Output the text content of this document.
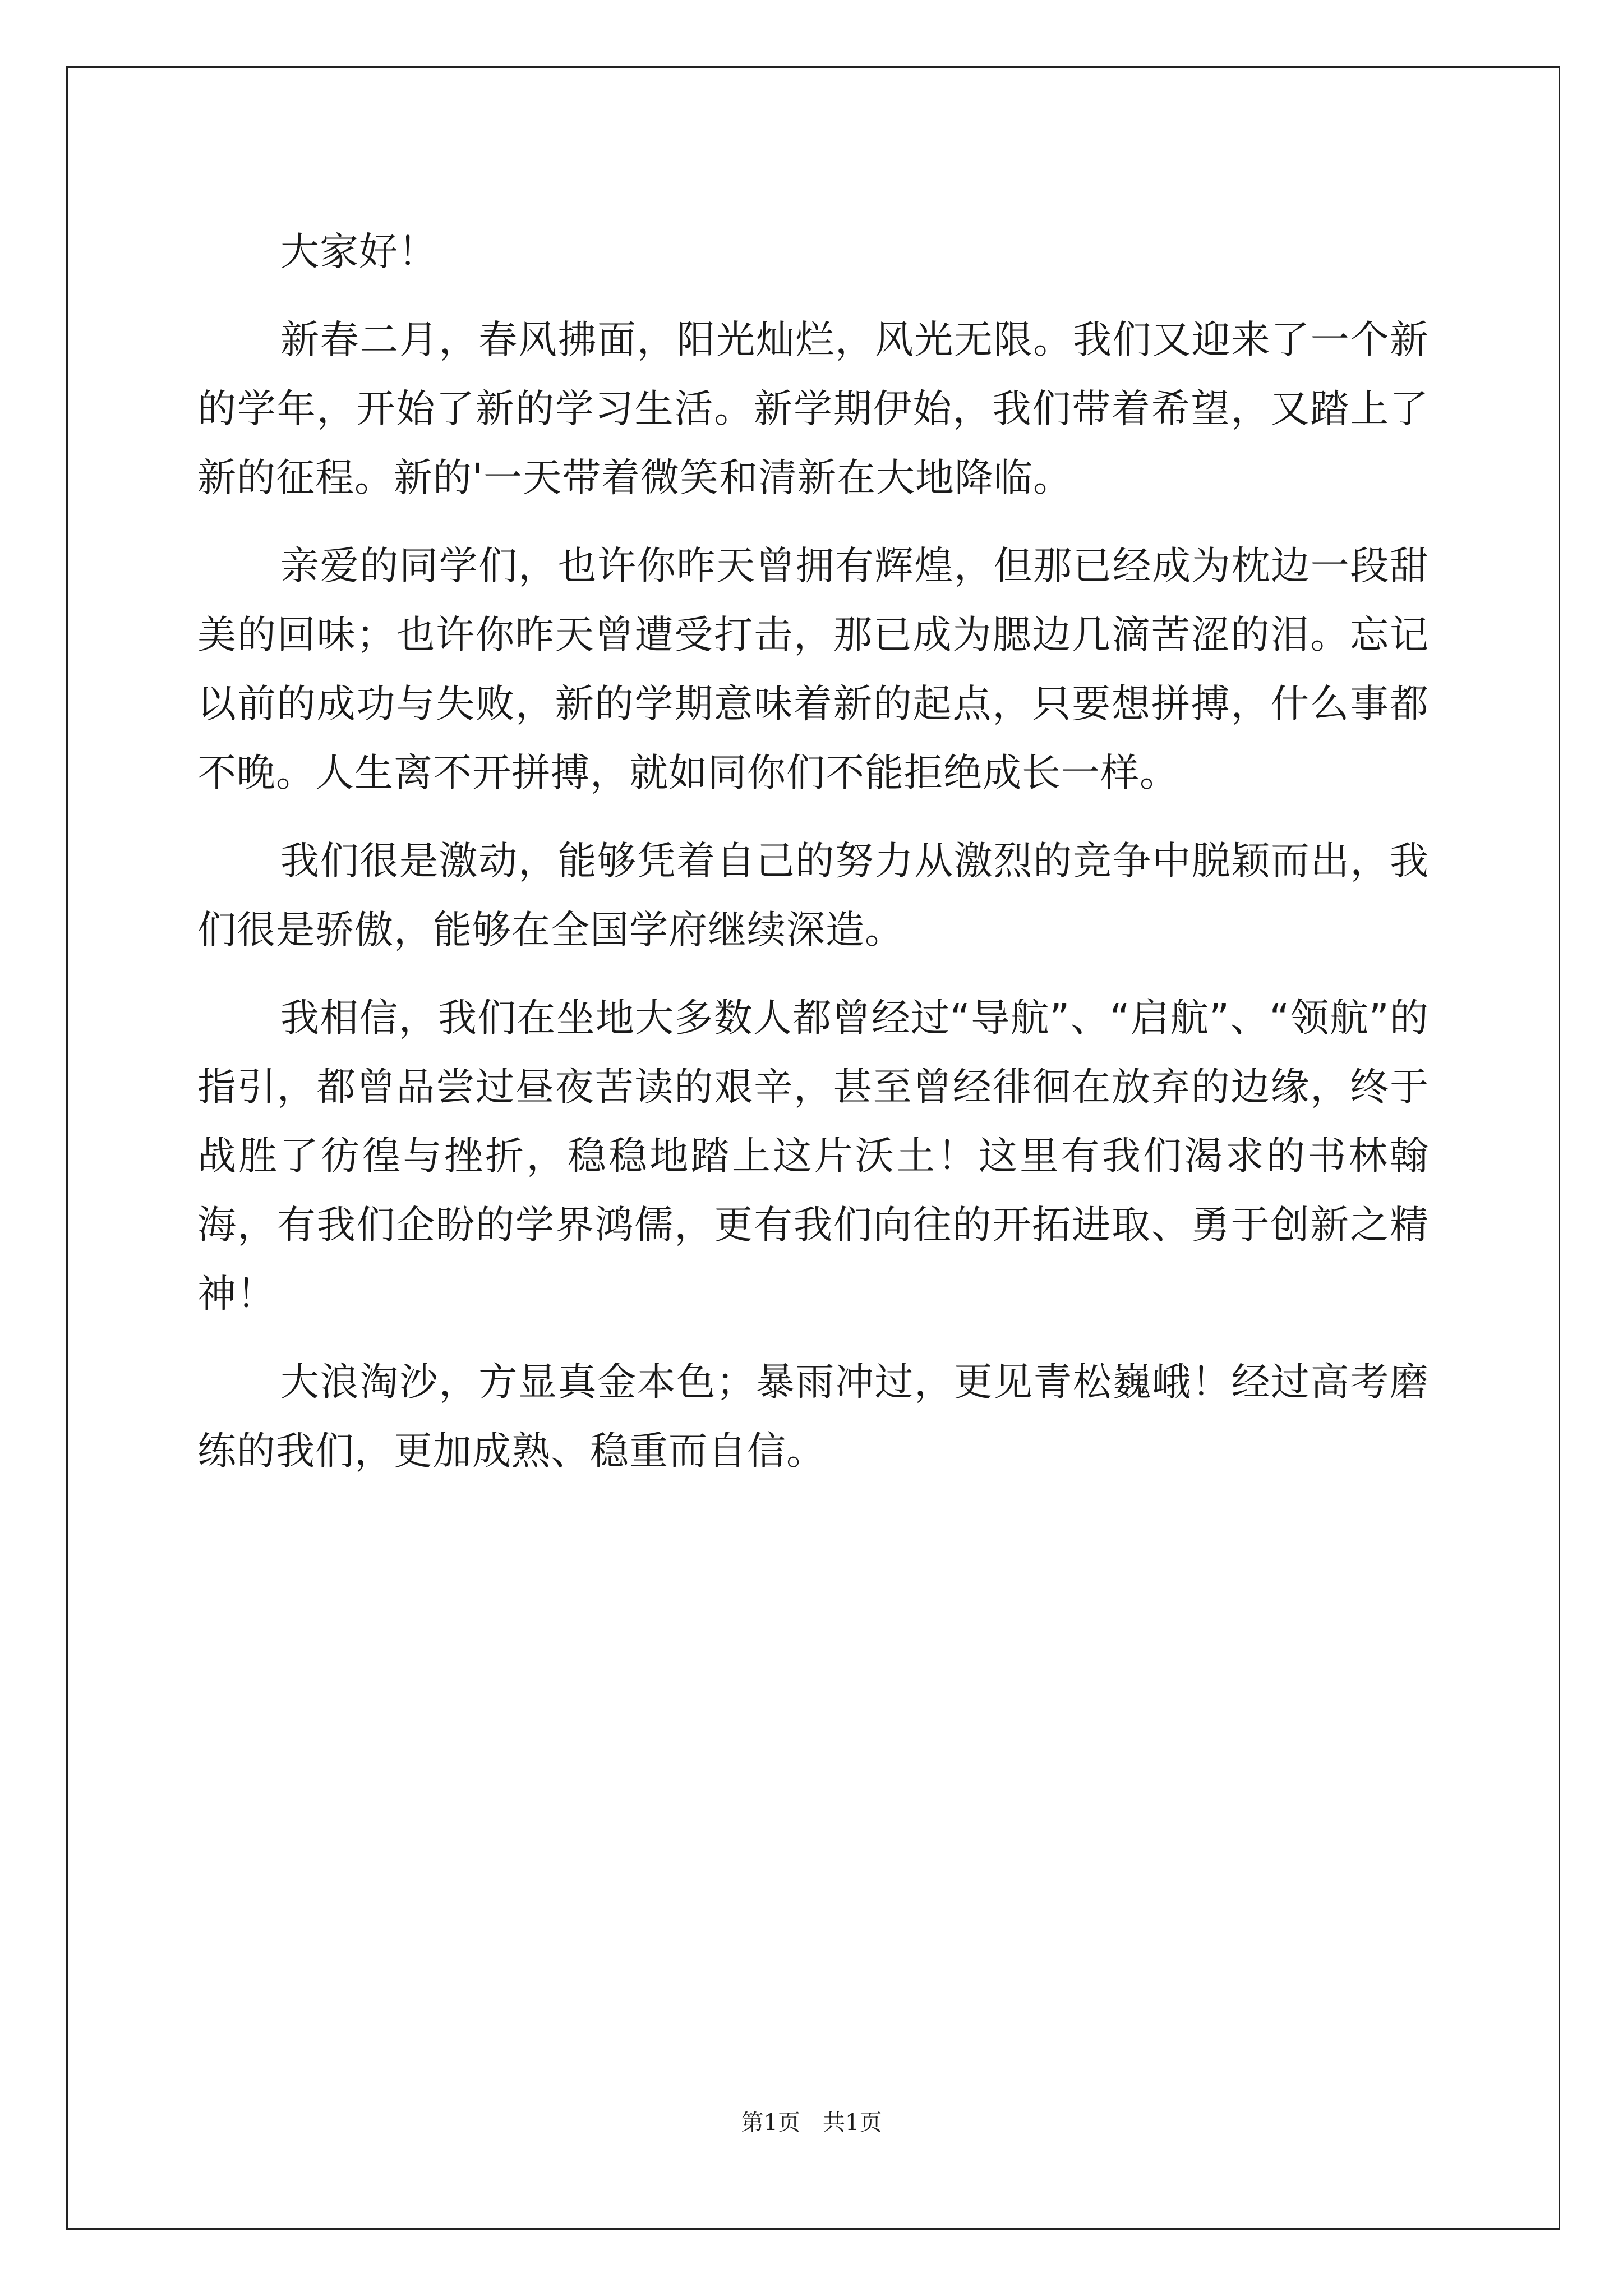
大家好！

新春二月，春风拂面，阳光灿烂，风光无限。我们又迎来了一个新的学年，开始了新的学习生活。新学期伊始，我们带着希望，又踏上了新的征程。新的'一天带着微笑和清新在大地降临。

亲爱的同学们，也许你昨天曾拥有辉煌，但那已经成为枕边一段甜美的回味；也许你昨天曾遭受打击，那已成为腮边几滴苦涩的泪。忘记以前的成功与失败，新的学期意味着新的起点，只要想拼搏，什么事都不晚。人生离不开拼搏，就如同你们不能拒绝成长一样。

我们很是激动，能够凭着自己的努力从激烈的竞争中脱颖而出，我们很是骄傲，能够在全国学府继续深造。

我相信，我们在坐地大多数人都曾经过“导航”、“启航”、“领航”的指引，都曾品尝过昼夜苦读的艰辛，甚至曾经徘徊在放弃的边缘，终于战胜了彷徨与挫折，稳稳地踏上这片沃土！这里有我们渴求的书林翰海，有我们企盼的学界鸿儒，更有我们向往的开拓进取、勇于创新之精神！

大浪淘沙，方显真金本色；暴雨冲过，更见青松巍峨！经过高考磨练的我们，更加成熟、稳重而自信。

第1页　共1页
